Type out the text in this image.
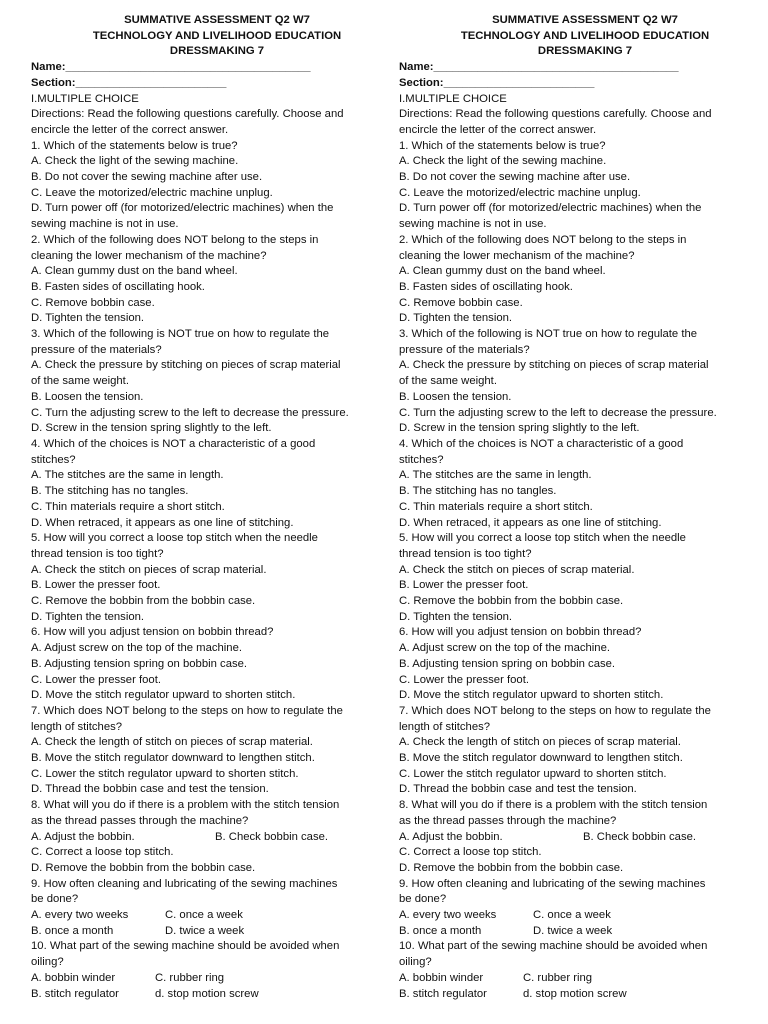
SUMMATIVE ASSESSMENT Q2 W7
TECHNOLOGY AND LIVELIHOOD EDUCATION
DRESSMAKING 7
Name:_______________________________________
Section:________________________
I.MULTIPLE CHOICE
Directions: Read the following questions carefully. Choose and
encircle the letter of the correct answer.
1. Which of the statements below is true?
A. Check the light of the sewing machine.
B. Do not cover the sewing machine after use.
C. Leave the motorized/electric machine unplug.
D. Turn power off (for motorized/electric machines) when the
sewing machine is not in use.
2. Which of the following does NOT belong to the steps in
cleaning the lower mechanism of the machine?
A. Clean gummy dust on the band wheel.
B. Fasten sides of oscillating hook.
C. Remove bobbin case.
D. Tighten the tension.
3. Which of the following is NOT true on how to regulate the
pressure of the materials?
A. Check the pressure by stitching on pieces of scrap material
of the same weight.
B. Loosen the tension.
C. Turn the adjusting screw to the left to decrease the pressure.
D. Screw in the tension spring slightly to the left.
4. Which of the choices is NOT a characteristic of a good
stitches?
A. The stitches are the same in length.
B. The stitching has no tangles.
C. Thin materials require a short stitch.
D. When retraced, it appears as one line of stitching.
5. How will you correct a loose top stitch when the needle
thread tension is too tight?
A. Check the stitch on pieces of scrap material.
B. Lower the presser foot.
C. Remove the bobbin from the bobbin case.
D. Tighten the tension.
6. How will you adjust tension on bobbin thread?
A. Adjust screw on the top of the machine.
B. Adjusting tension spring on bobbin case.
C. Lower the presser foot.
D. Move the stitch regulator upward to shorten stitch.
7. Which does NOT belong to the steps on how to regulate the
length of stitches?
A. Check the length of stitch on pieces of scrap material.
B. Move the stitch regulator downward to lengthen stitch.
C. Lower the stitch regulator upward to shorten stitch.
D. Thread the bobbin case and test the tension.
8. What will you do if there is a problem with the stitch tension
as the thread passes through the machine?
A. Adjust the bobbin.	B. Check bobbin case.
C. Correct a loose top stitch.
D. Remove the bobbin from the bobbin case.
9. How often cleaning and lubricating of the sewing machines
be done?
A. every two weeks	C. once a week
B. once a month	D. twice a week
10. What part of the sewing machine should be avoided when
oiling?
A. bobbin winder	C. rubber ring
B. stitch regulator	d. stop motion screw
SUMMATIVE ASSESSMENT Q2 W7
TECHNOLOGY AND LIVELIHOOD EDUCATION
DRESSMAKING 7
Name:_______________________________________
Section:________________________
I.MULTIPLE CHOICE
Directions: Read the following questions carefully. Choose and
encircle the letter of the correct answer.
1. Which of the statements below is true?
A. Check the light of the sewing machine.
B. Do not cover the sewing machine after use.
C. Leave the motorized/electric machine unplug.
D. Turn power off (for motorized/electric machines) when the
sewing machine is not in use.
2. Which of the following does NOT belong to the steps in
cleaning the lower mechanism of the machine?
A. Clean gummy dust on the band wheel.
B. Fasten sides of oscillating hook.
C. Remove bobbin case.
D. Tighten the tension.
3. Which of the following is NOT true on how to regulate the
pressure of the materials?
A. Check the pressure by stitching on pieces of scrap material
of the same weight.
B. Loosen the tension.
C. Turn the adjusting screw to the left to decrease the pressure.
D. Screw in the tension spring slightly to the left.
4. Which of the choices is NOT a characteristic of a good
stitches?
A. The stitches are the same in length.
B. The stitching has no tangles.
C. Thin materials require a short stitch.
D. When retraced, it appears as one line of stitching.
5. How will you correct a loose top stitch when the needle
thread tension is too tight?
A. Check the stitch on pieces of scrap material.
B. Lower the presser foot.
C. Remove the bobbin from the bobbin case.
D. Tighten the tension.
6. How will you adjust tension on bobbin thread?
A. Adjust screw on the top of the machine.
B. Adjusting tension spring on bobbin case.
C. Lower the presser foot.
D. Move the stitch regulator upward to shorten stitch.
7. Which does NOT belong to the steps on how to regulate the
length of stitches?
A. Check the length of stitch on pieces of scrap material.
B. Move the stitch regulator downward to lengthen stitch.
C. Lower the stitch regulator upward to shorten stitch.
D. Thread the bobbin case and test the tension.
8. What will you do if there is a problem with the stitch tension
as the thread passes through the machine?
A. Adjust the bobbin.	B. Check bobbin case.
C. Correct a loose top stitch.
D. Remove the bobbin from the bobbin case.
9. How often cleaning and lubricating of the sewing machines
be done?
A. every two weeks	C. once a week
B. once a month	D. twice a week
10. What part of the sewing machine should be avoided when
oiling?
A. bobbin winder	C. rubber ring
B. stitch regulator	d. stop motion screw
